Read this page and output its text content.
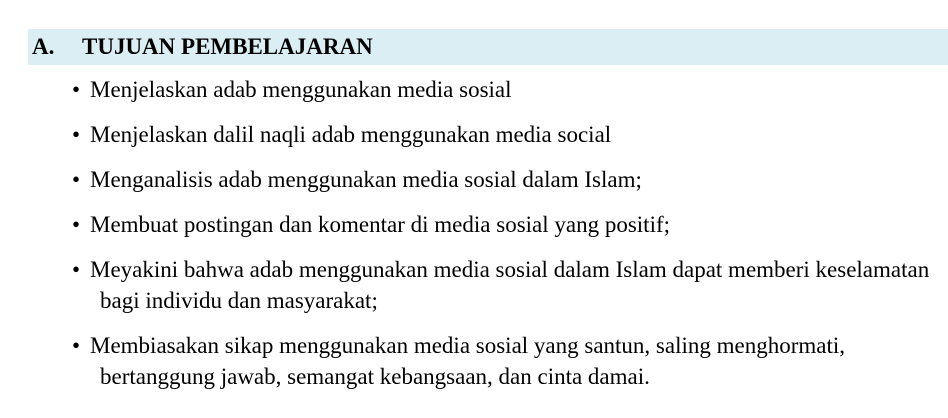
A. TUJUAN PEMBELAJARAN
• Menjelaskan adab menggunakan media sosial
• Menjelaskan dalil naqli adab menggunakan media social
• Menganalisis adab menggunakan media sosial dalam Islam;
• Membuat postingan dan komentar di media sosial yang positif;
• Meyakini bahwa adab menggunakan media sosial dalam Islam dapat memberi keselamatan bagi individu dan masyarakat;
• Membiasakan sikap menggunakan media sosial yang santun, saling menghormati, bertanggung jawab, semangat kebangsaan, dan cinta damai.
